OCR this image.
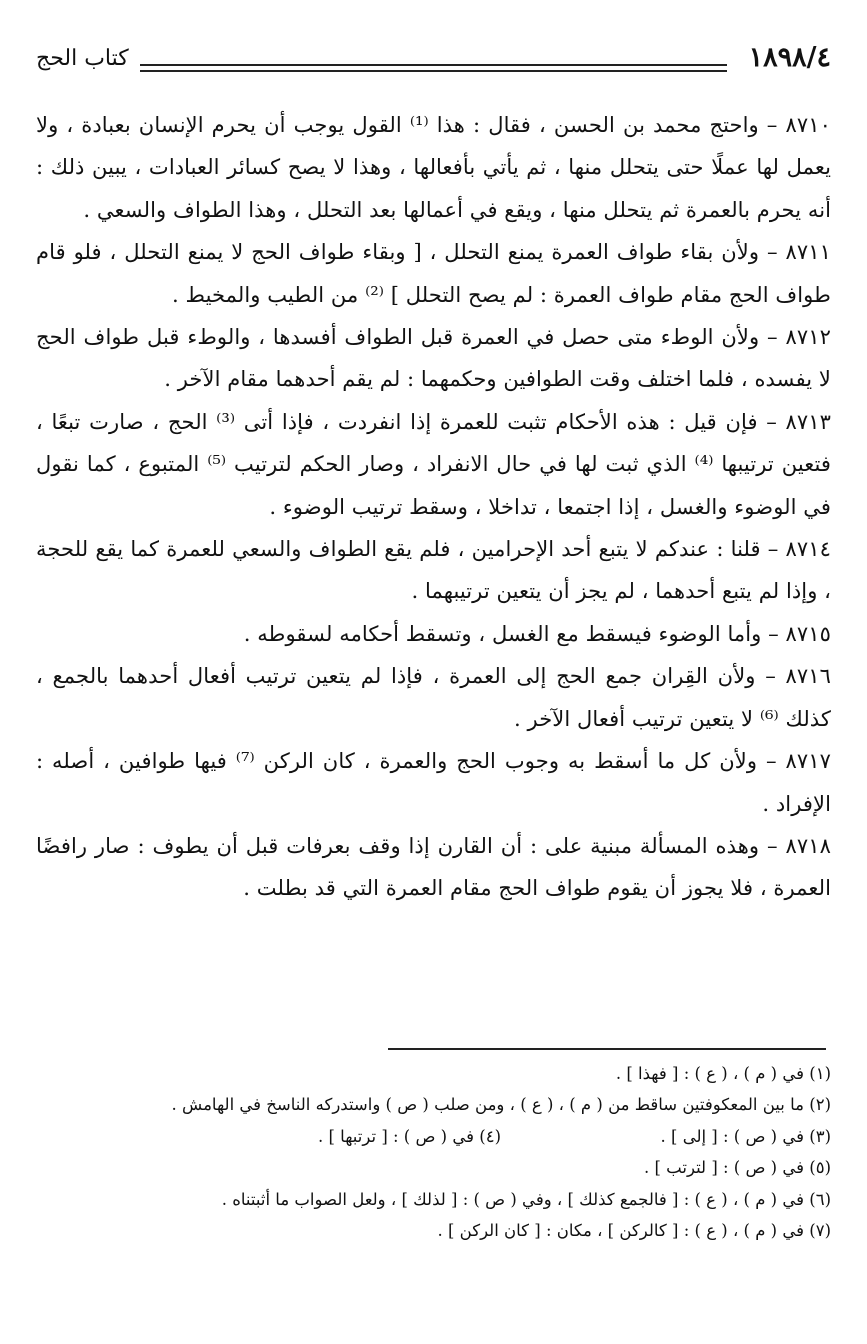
١٨٩٨/٤
كتاب الحج

٨٧١٠ – واحتج محمد بن الحسن ، فقال : هذا ⁽¹⁾ القول يوجب أن يحرم الإنسان بعبادة ، ولا يعمل لها عملًا حتى يتحلل منها ، ثم يأتي بأفعالها ، وهذا لا يصح كسائر العبادات ، يبين ذلك : أنه يحرم بالعمرة ثم يتحلل منها ، ويقع في أعمالها بعد التحلل ، وهذا الطواف والسعي .

٨٧١١ – ولأن بقاء طواف العمرة يمنع التحلل ، [ وبقاء طواف الحج لا يمنع التحلل ، فلو قام طواف الحج مقام طواف العمرة : لم يصح التحلل ] ⁽²⁾ من الطيب والمخيط .

٨٧١٢ – ولأن الوطء متى حصل في العمرة قبل الطواف أفسدها ، والوطء قبل طواف الحج لا يفسده ، فلما اختلف وقت الطوافين وحكمهما : لم يقم أحدهما مقام الآخر .

٨٧١٣ – فإن قيل : هذه الأحكام تثبت للعمرة إذا انفردت ، فإذا أتى ⁽³⁾ الحج ، صارت تبعًا ، فتعين ترتيبها ⁽⁴⁾ الذي ثبت لها في حال الانفراد ، وصار الحكم لترتيب ⁽⁵⁾ المتبوع ، كما نقول في الوضوء والغسل ، إذا اجتمعا ، تداخلا ، وسقط ترتيب الوضوء .

٨٧١٤ – قلنا : عندكم لا يتبع أحد الإحرامين ، فلم يقع الطواف والسعي للعمرة كما يقع للحجة ، وإذا لم يتبع أحدهما ، لم يجز أن يتعين ترتيبهما .

٨٧١٥ – وأما الوضوء فيسقط مع الغسل ، وتسقط أحكامه لسقوطه .

٨٧١٦ – ولأن القِران جمع الحج إلى العمرة ، فإذا لم يتعين ترتيب أفعال أحدهما بالجمع ، كذلك ⁽⁶⁾ لا يتعين ترتيب أفعال الآخر .

٨٧١٧ – ولأن كل ما أسقط به وجوب الحج والعمرة ، كان الركن ⁽⁷⁾ فيها طوافين ، أصله : الإفراد .

٨٧١٨ – وهذه المسألة مبنية على : أن القارن إذا وقف بعرفات قبل أن يطوف : صار رافضًا العمرة ، فلا يجوز أن يقوم طواف الحج مقام العمرة التي قد بطلت .

(١) في ( م ) ، ( ع ) : [ فهذا ] .
(٢) ما بين المعكوفتين ساقط من ( م ) ، ( ع ) ، ومن صلب ( ص ) واستدركه الناسخ في الهامش .
(٣) في ( ص ) : [ إلى ] .
(٤) في ( ص ) : [ ترتبها ] .
(٥) في ( ص ) : [ لترتب ] .
(٦) في ( م ) ، ( ع ) : [ فالجمع كذلك ] ، وفي ( ص ) : [ لذلك ] ، ولعل الصواب ما أثبتناه .
(٧) في ( م ) ، ( ع ) : [ كالركن ] ، مكان : [ كان الركن ] .
